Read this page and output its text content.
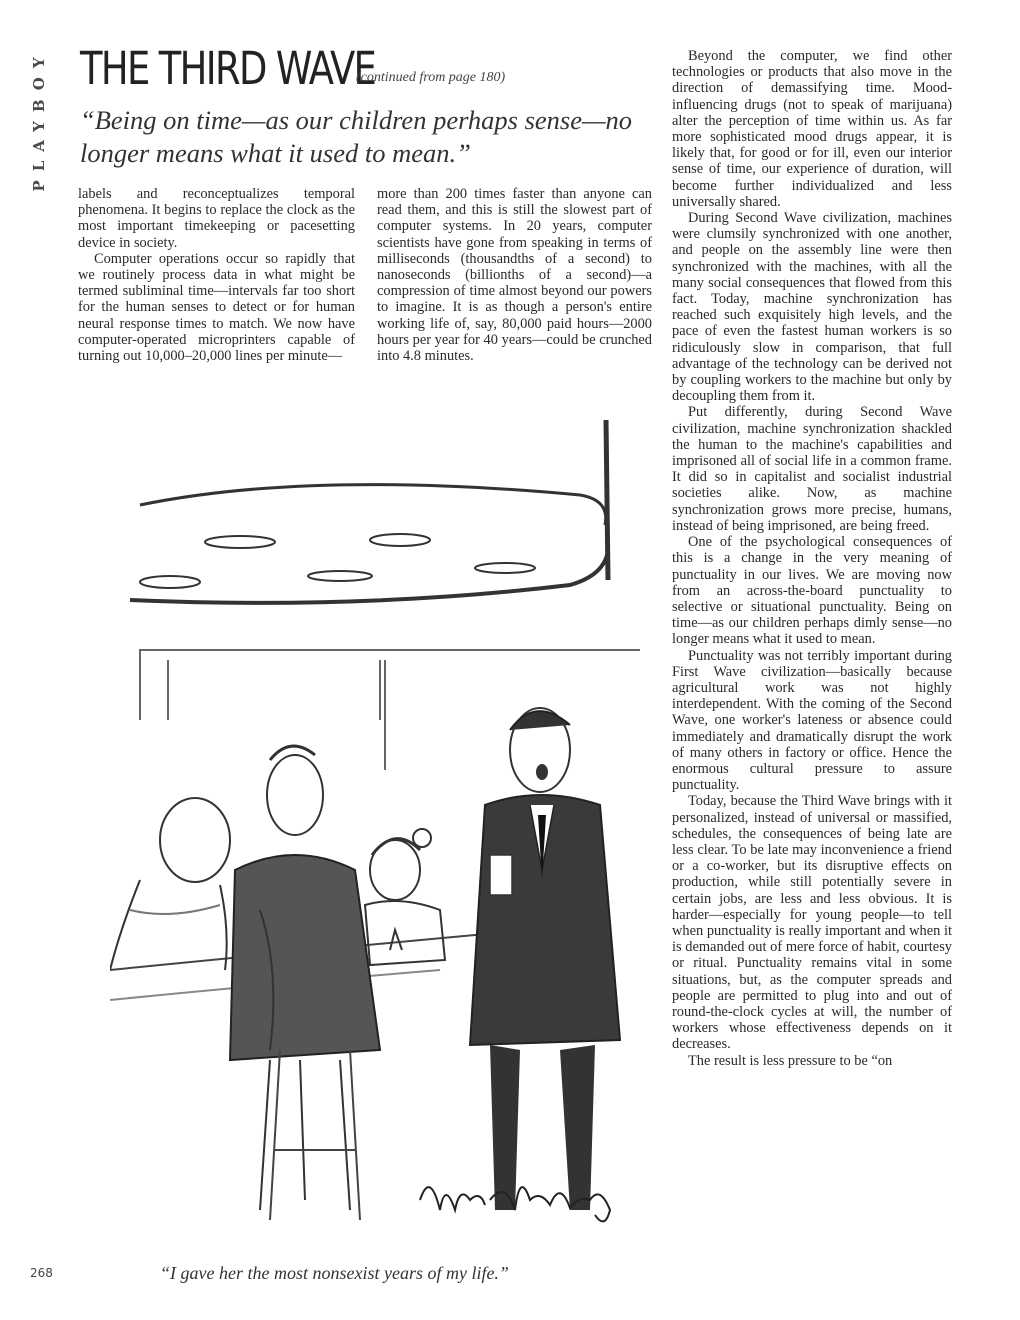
PLAYBOY THE THIRD WAVE
(continued from page 180)
“Being on time—as our children perhaps sense—no longer means what it used to mean.”

labels and reconceptualizes temporal phenomena. It begins to replace the clock as the most important timekeeping or pacesetting device in society.

Computer operations occur so rapidly that we routinely process data in what might be termed subliminal time—intervals far too short for the human senses to detect or for human neural response times to match. We now have computer-operated microprinters capable of turning out 10,000–20,000 lines per minute—

more than 200 times faster than anyone can read them, and this is still the slowest part of computer systems. In 20 years, computer scientists have gone from speaking in terms of milliseconds (thousandths of a second) to nanoseconds (billionths of a second)—a compression of time almost beyond our powers to imagine. It is as though a person's entire working life of, say, 80,000 paid hours—2000 hours per year for 40 years—could be crunched into 4.8 minutes.

Beyond the computer, we find other technologies or products that also move in the direction of demassifying time. Mood-influencing drugs (not to speak of marijuana) alter the perception of time within us. As far more sophisticated mood drugs appear, it is likely that, for good or for ill, even our interior sense of time, our experience of duration, will become further individualized and less universally shared.

During Second Wave civilization, machines were clumsily synchronized with one another, and people on the assembly line were then synchronized with the machines, with all the many social consequences that flowed from this fact. Today, machine synchronization has reached such exquisitely high levels, and the pace of even the fastest human workers is so ridiculously slow in comparison, that full advantage of the technology can be derived not by coupling workers to the machine but only by decoupling them from it.

Put differently, during Second Wave civilization, machine synchronization shackled the human to the machine's capabilities and imprisoned all of social life in a common frame. It did so in capitalist and socialist industrial societies alike. Now, as machine synchronization grows more precise, humans, instead of being imprisoned, are being freed.

One of the psychological consequences of this is a change in the very meaning of punctuality in our lives. We are moving now from an across-the-board punctuality to selective or situational punctuality. Being on time—as our children perhaps dimly sense—no longer means what it used to mean.

Punctuality was not terribly important during First Wave civilization—basically because agricultural work was not highly interdependent. With the coming of the Second Wave, one worker's lateness or absence could immediately and dramatically disrupt the work of many others in factory or office. Hence the enormous cultural pressure to assure punctuality.

Today, because the Third Wave brings with it personalized, instead of universal or massified, schedules, the consequences of being late are less clear. To be late may inconvenience a friend or a co-worker, but its disruptive effects on production, while still potentially severe in certain jobs, are less and less obvious. It is harder—especially for young people—to tell when punctuality is really important and when it is demanded out of mere force of habit, courtesy or ritual. Punctuality remains vital in some situations, but, as the computer spreads and people are permitted to plug into and out of round-the-clock cycles at will, the number of workers whose effectiveness depends on it decreases.

The result is less pressure to be “on

“I gave her the most nonsexist years of my life.”
268
